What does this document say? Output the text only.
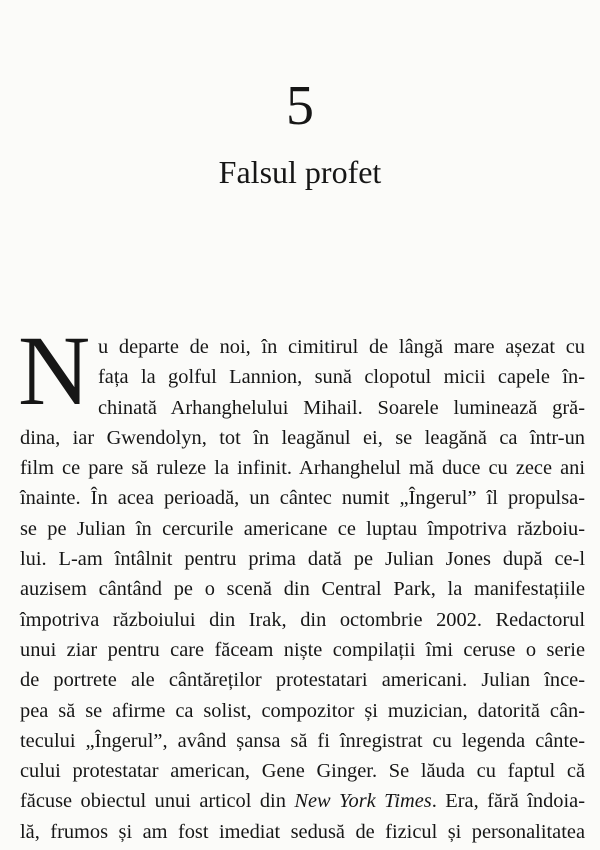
5
Falsul profet
N u departe de noi, în cimitirul de lângă mare așezat cu
fața la golful Lannion, sună clopotul micii capele în-
chinată Arhanghelului Mihail. Soarele luminează gră-
dina, iar Gwendolyn, tot în leagănul ei, se leagănă ca într-un
film ce pare să ruleze la infinit. Arhanghelul mă duce cu zece ani
înainte. În acea perioadă, un cântec numit „Îngerul” îl propulsa-
se pe Julian în cercurile americane ce luptau împotriva războiu-
lui. L-am întâlnit pentru prima dată pe Julian Jones după ce-l
auzisem cântând pe o scenă din Central Park, la manifestațiile
împotriva războiului din Irak, din octombrie 2002. Redactorul
unui ziar pentru care făceam niște compilații îmi ceruse o serie
de portrete ale cântăreților protestatari americani. Julian înce-
pea să se afirme ca solist, compozitor și muzician, datorită cân-
tecului „Îngerul”, având șansa să fi înregistrat cu legenda cânte-
cului protestatar american, Gene Ginger. Se lăuda cu faptul că
făcuse obiectul unui articol din New York Times. Era, fără îndoia-
lă, frumos și am fost imediat sedusă de fizicul și personalitatea
